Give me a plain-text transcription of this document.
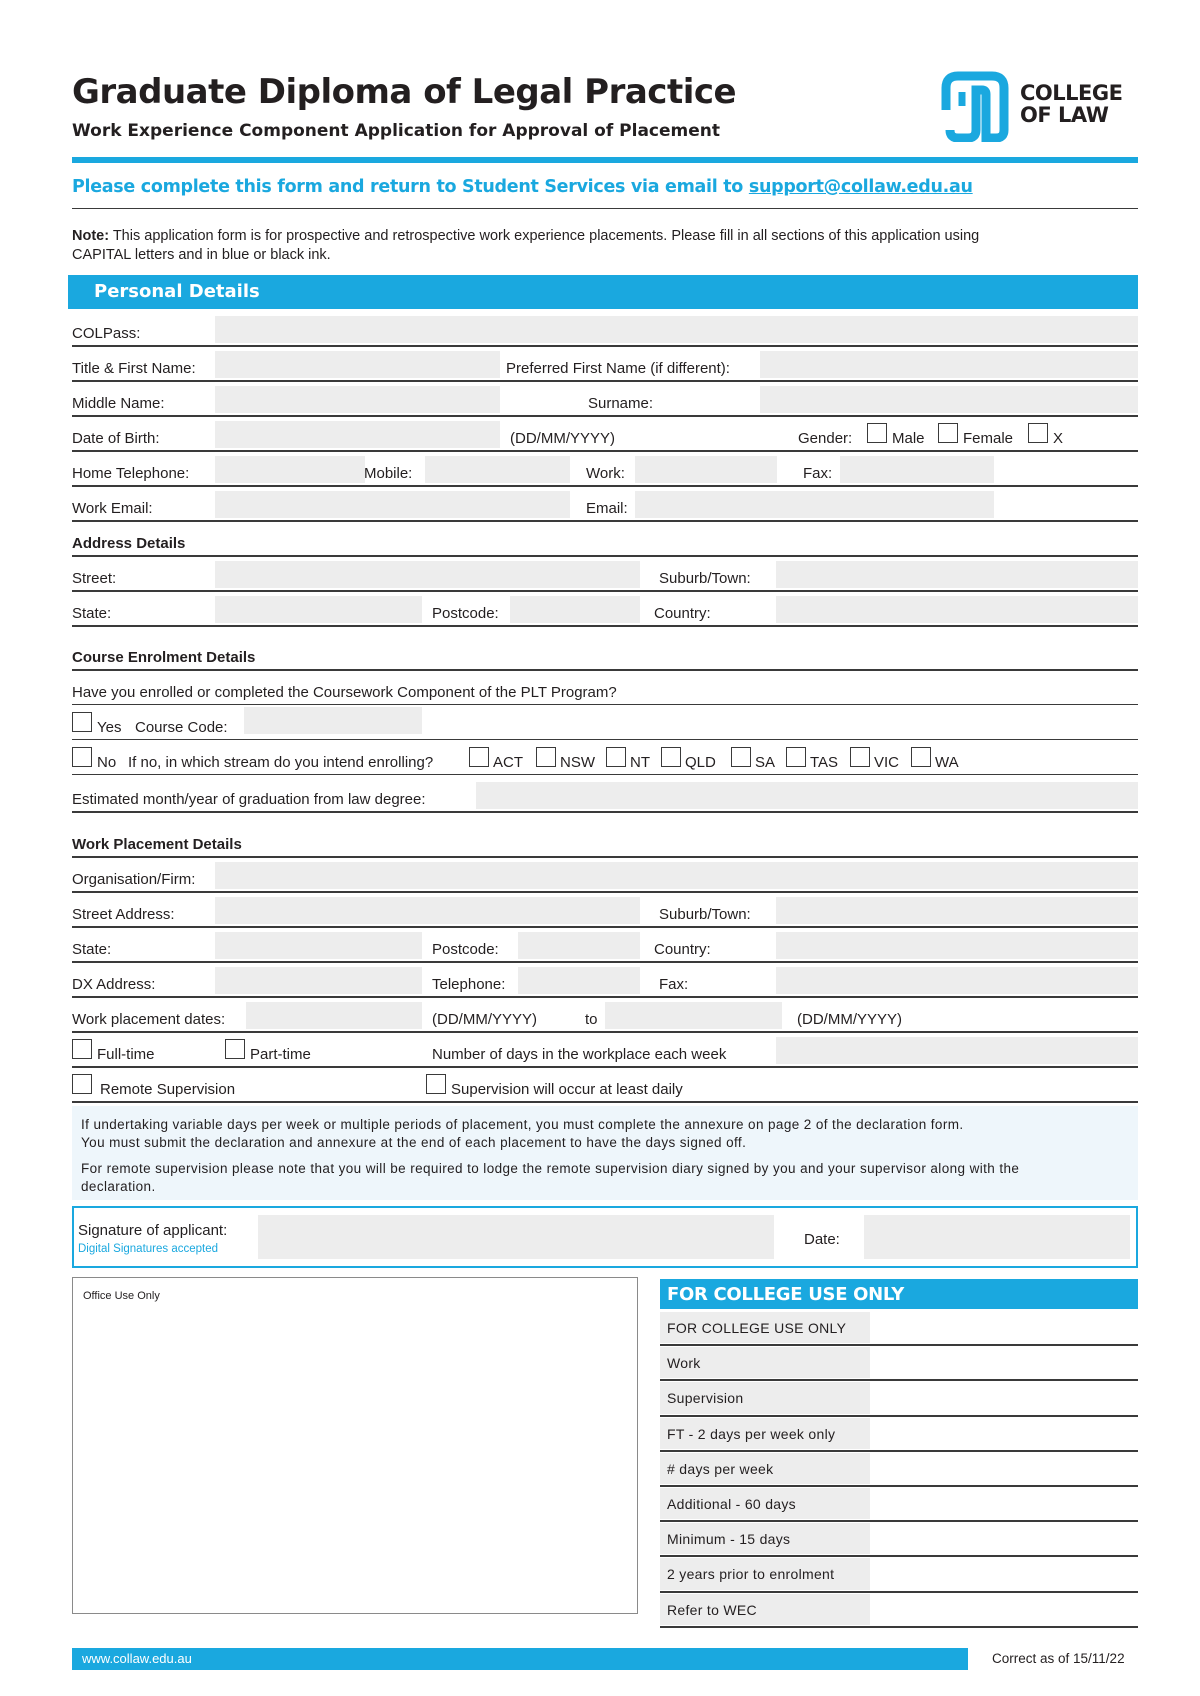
Graduate Diploma of Legal Practice
Work Experience Component Application for Approval of Placement
COLLEGE
OF LAW
Please complete this form and return to Student Services via email to support@collaw.edu.au
Note: This application form is for prospective and retrospective work experience placements. Please fill in all sections of this application using
CAPITAL letters and in blue or black ink.
Personal Details
COLPass:
Title & First Name:	Preferred First Name (if different):
Middle Name:	Surname:
Date of Birth:	(DD/MM/YYYY)	Gender:	Male	Female	X
Home Telephone:	Mobile:	Work:	Fax:
Work Email:	Email:
Address Details
Street:	Suburb/Town:
State:	Postcode:	Country:
Course Enrolment Details
Have you enrolled or completed the Coursework Component of the PLT Program?
Yes Course Code:
No If no, in which stream do you intend enrolling?	ACT NSW NT QLD	SA TAS VIC WA
Estimated month/year of graduation from law degree:
Work Placement Details
Organisation/Firm:
Street Address:	Suburb/Town:
State:	Postcode:	Country:
DX Address:	Telephone:	Fax:
Work placement dates:	(DD/MM/YYYY)	to	(DD/MM/YYYY)
Full-time	Part-time	Number of days in the workplace each week
Remote Supervision	Supervision will occur at least daily
If undertaking variable days per week or multiple periods of placement, you must complete the annexure on page 2 of the declaration form.
You must submit the declaration and annexure at the end of each placement to have the days signed off.
For remote supervision please note that you will be required to lodge the remote supervision diary signed by you and your supervisor along with the
declaration.
Signature of applicant:
Digital Signatures accepted
Date:
Office Use Only	FOR COLLEGE USE ONLY
FOR COLLEGE USE ONLY
Work
Supervision
FT - 2 days per week only
# days per week
Additional - 60 days
Minimum - 15 days
2 years prior to enrolment
Refer to WEC
www.collaw.edu.au	Correct as of 15/11/22
